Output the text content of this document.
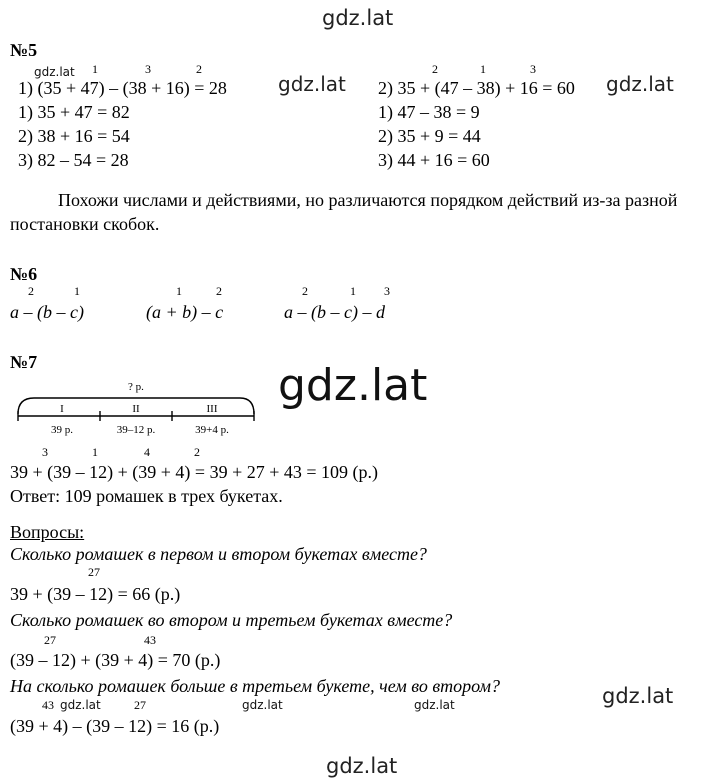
gdz.lat
№5
gdz.lat 1	3	2
1) (35 + 47) – (38 + 16) = 28	gdz.lat
1) 35 + 47 = 82
2) 38 + 16 = 54
3) 82 – 54 = 28
2	1	3
2) 35 + (47 – 38) + 16 = 60 gdz.lat
1) 47 – 38 = 9
2) 35 + 9 = 44
3) 44 + 16 = 60
Похожи числами и действиями, но различаются порядком действий из-за разной постановки скобок.
№6
2	1
a – (b – c)
1	2
(a + b) – c
2	1 3
a – (b – c) – d
№7
? р.
I	II	III
39 р.	39–12 р.	39+4 р.
gdz.lat
3	1	4	2
39 + (39 – 12) + (39 + 4) = 39 + 27 + 43 = 109 (р.)
Ответ: 109 ромашек в трех букетах.
Вопросы:
Сколько ромашек в первом и втором букетах вместе?
27
39 + (39 – 12) = 66 (р.)
Сколько ромашек во втором и третьем букетах вместе?
27	43
(39 – 12) + (39 + 4) = 70 (р.)
На сколько ромашек больше в третьем букете, чем во втором?	gdz.lat
43 gdz.lat	27	gdz.lat	gdz.lat
(39 + 4) – (39 – 12) = 16 (р.)
gdz.lat
